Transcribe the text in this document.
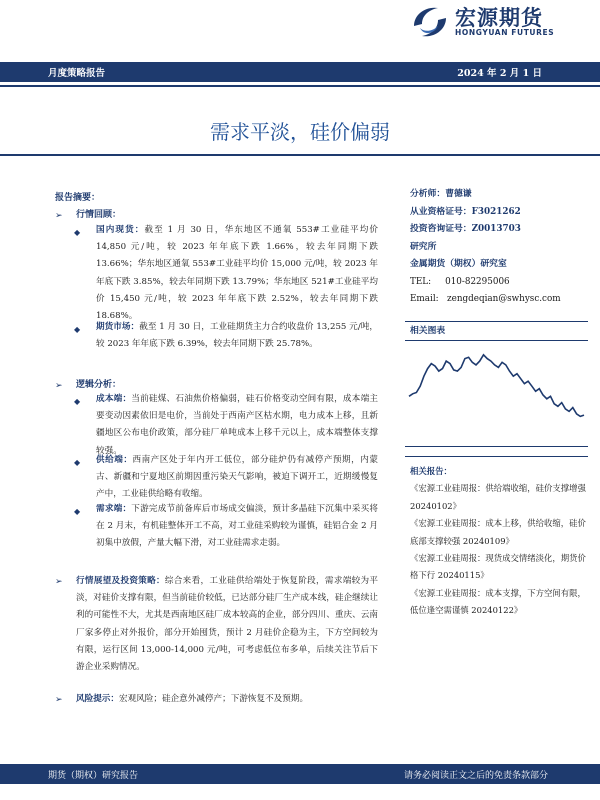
宏源期货
HONGYUAN FUTURES
月度策略报告	2024 年 2 月 1 日
需求平淡，硅价偏弱
报告摘要：
➢ 行情回顾：
◆ 国内现货：截至 1 月 30 日，华东地区不通氧 553#工业硅平均价 14,850 元/吨，较 2023 年年底下跌 1.66%，较去年同期下跌 13.66%；华东地区通氧 553#工业硅平均价 15,000 元/吨，较 2023 年年底下跌 3.85%，较去年同期下跌 13.79%；华东地区 521#工业硅平均价 15,450 元/吨，较 2023 年年底下跌 2.52%，较去年同期下跌 18.68%。
◆ 期货市场：截至 1 月 30 日，工业硅期货主力合约收盘价 13,255 元/吨，较 2023 年年底下跌 6.39%，较去年同期下跌 25.78%。
➢ 逻辑分析：
◆ 成本端：当前硅煤、石油焦价格偏弱，硅石价格变动空间有限，成本端主要变动因素依旧是电价，当前处于西南产区枯水期，电力成本上移，且新疆地区公布电价政策，部分硅厂单吨成本上移千元以上，成本端整体支撑较强。
◆ 供给端：西南产区处于年内开工低位，部分硅炉仍有减停产预期，内蒙古、新疆和宁夏地区前期因重污染天气影响，被迫下调开工，近期缓慢复产中，工业硅供给略有收缩。
◆ 需求端：下游完成节前备库后市场成交偏淡，预计多晶硅下沉集中采买将在 2 月末，有机硅整体开工不高，对工业硅采购较为谨慎，硅铝合金 2 月初集中放假，产量大幅下滑，对工业硅需求走弱。
➢ 行情展望及投资策略：综合来看，工业硅供给端处于恢复阶段，需求端较为平淡，对硅价支撑有限，但当前硅价较低，已达部分硅厂生产成本线，硅企继续让利的可能性不大，尤其是西南地区硅厂成本较高的企业，部分四川、重庆、云南厂家多停止对外报价，部分开始囤货，预计 2 月硅价企稳为主，下方空间较为有限，运行区间 13,000-14,000 元/吨，可考虑低位布多单，后续关注节后下游企业采购情况。
➢ 风险提示：宏观风险；硅企意外减停产；下游恢复不及预期。
分析师：曹德谦
从业资格证号：F3021262
投资咨询证号：Z0013703
研究所
金属期货（期权）研究室
TEL: 010-82295006
Email: zengdeqian@swhysc.com
相关图表
相关报告：
《宏源工业硅周报：供给端收缩，硅价支撑增强 20240102》
《宏源工业硅周报：成本上移，供给收缩，硅价底部支撑较强 20240109》
《宏源工业硅周报：现货成交情绪淡化，期货价格下行 20240115》
《宏源工业硅周报：成本支撑，下方空间有限，低位逢空需谨慎 20240122》
期货（期权）研究报告	请务必阅读正文之后的免责条款部分
